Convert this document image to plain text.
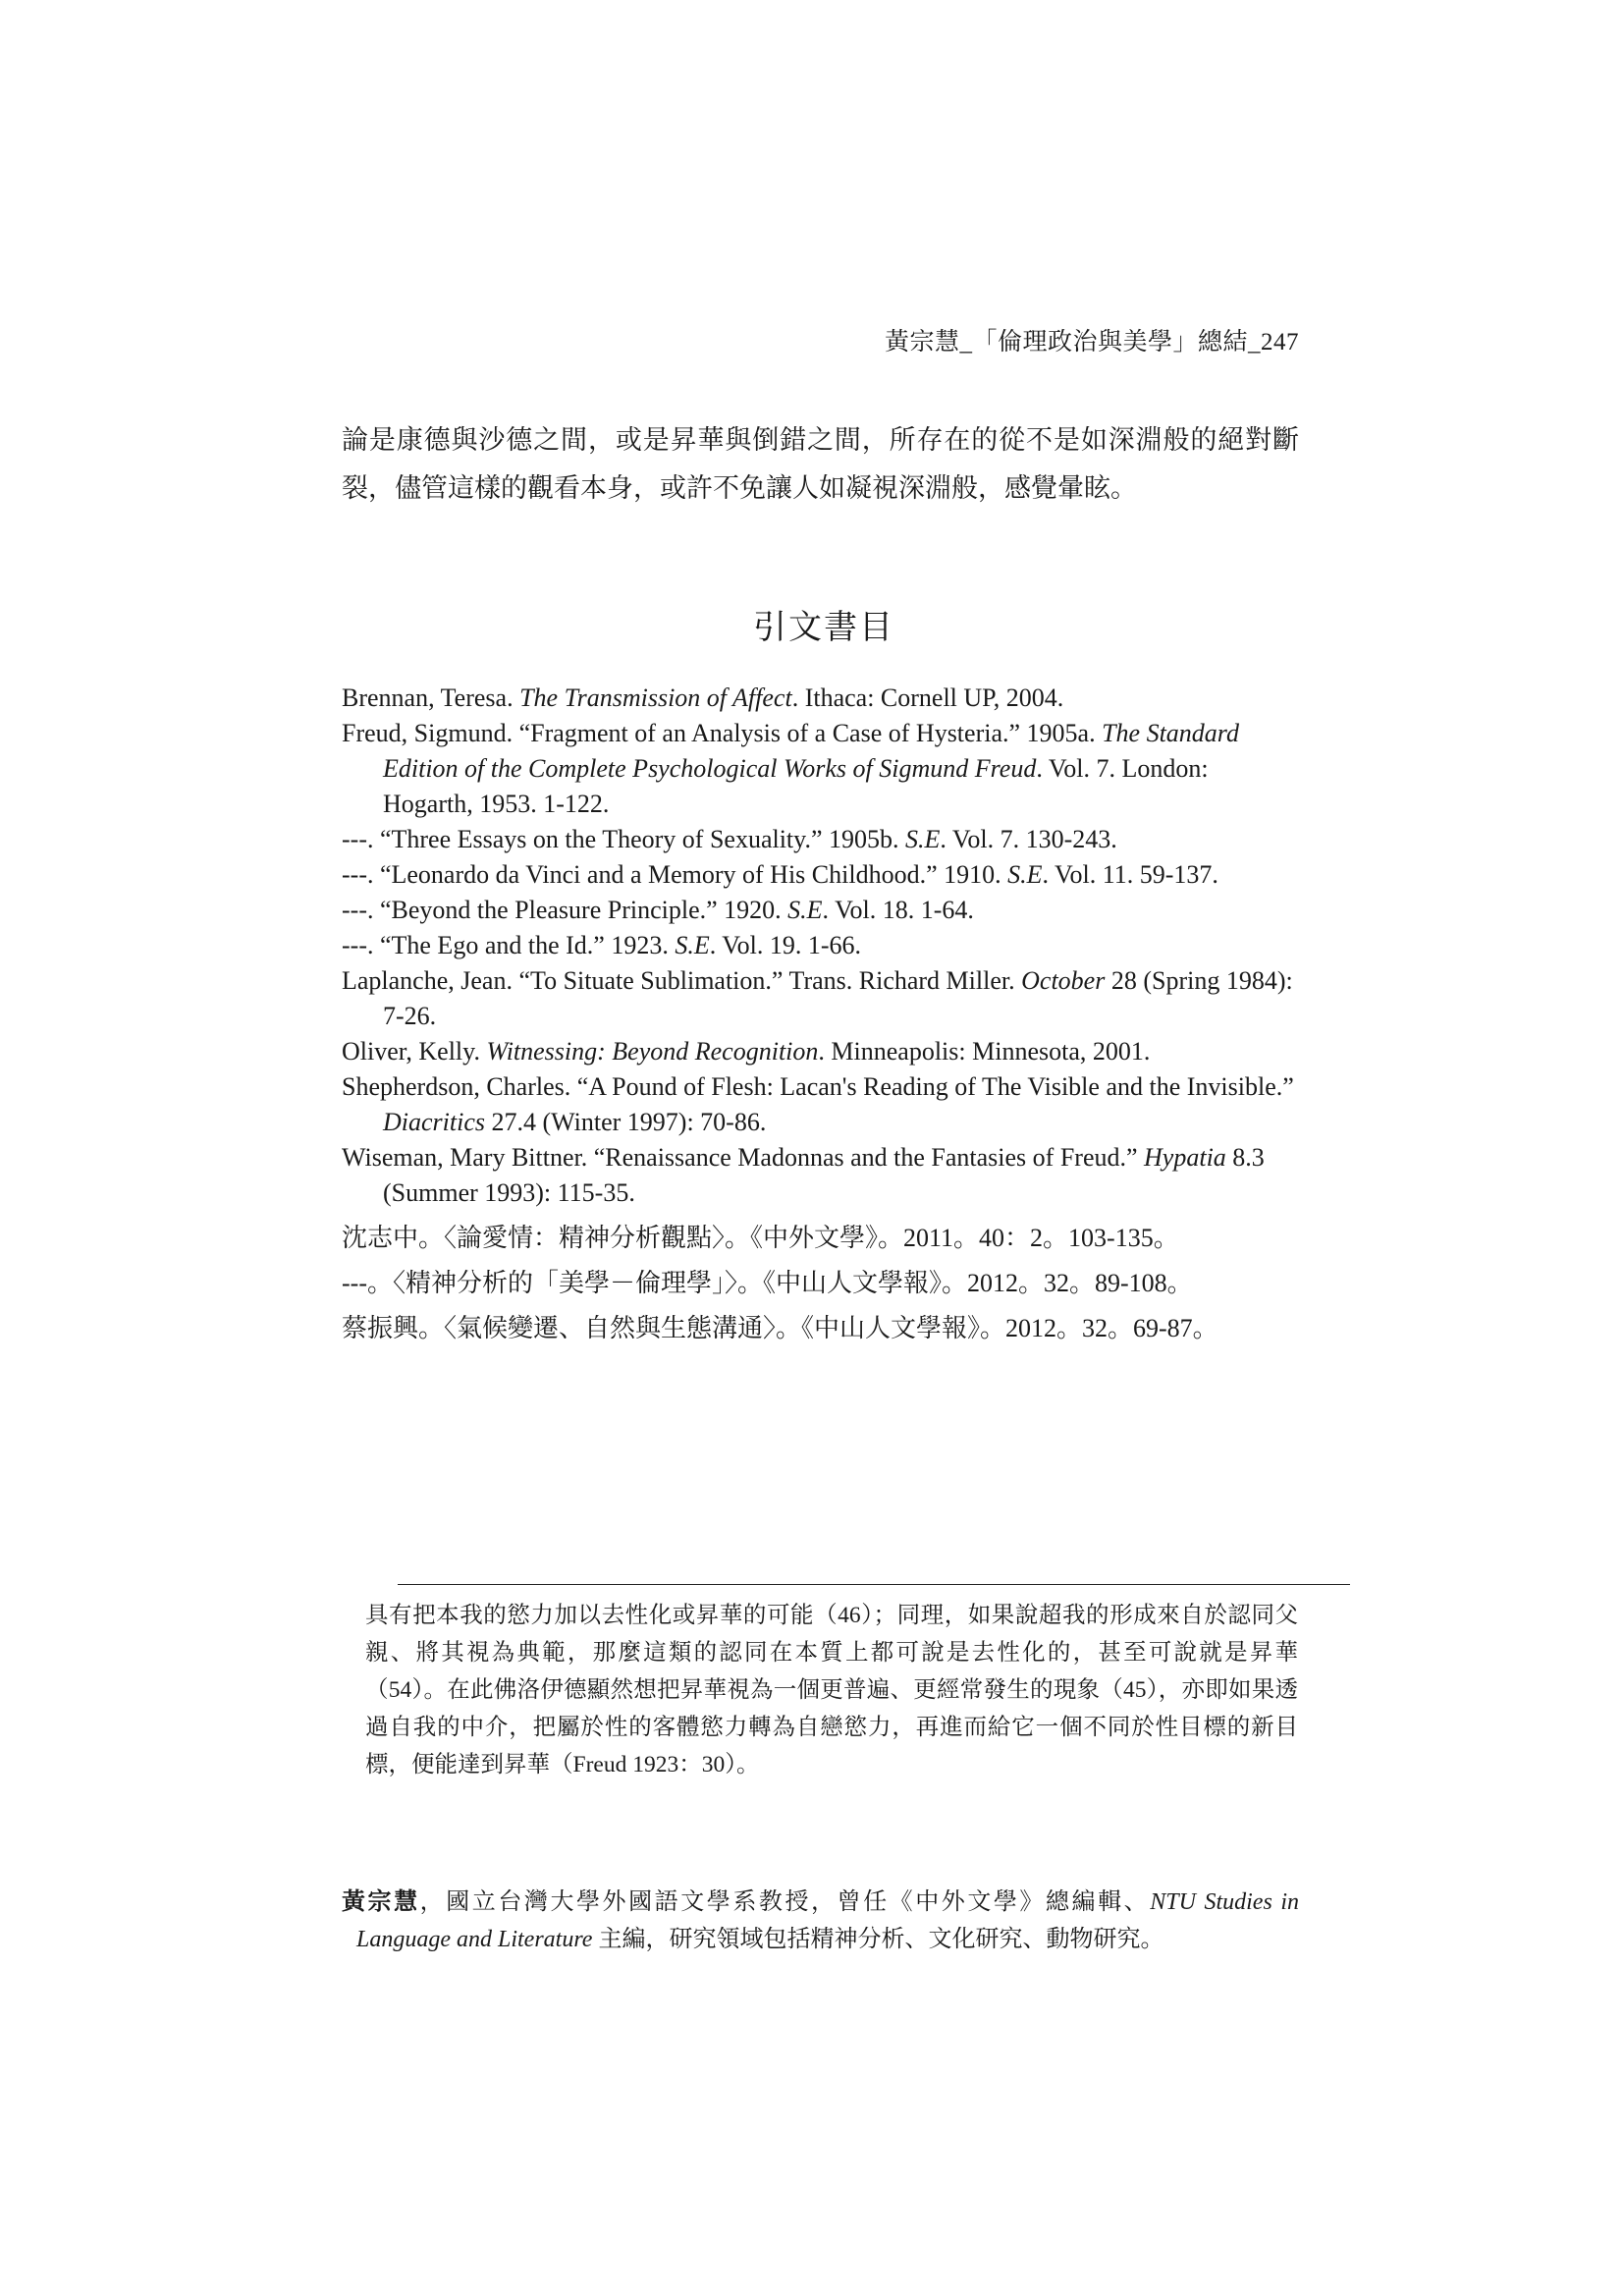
黃宗慧_「倫理政治與美學」總結_247

論是康德與沙德之間，或是昇華與倒錯之間，所存在的從不是如深淵般的絕對斷裂，儘管這樣的觀看本身，或許不免讓人如凝視深淵般，感覺暈眩。

引文書目

Brennan, Teresa. The Transmission of Affect. Ithaca: Cornell UP, 2004.

Freud, Sigmund. “Fragment of an Analysis of a Case of Hysteria.” 1905a. The Standard Edition of the Complete Psychological Works of Sigmund Freud. Vol. 7. London: Hogarth, 1953. 1-122.

---. “Three Essays on the Theory of Sexuality.” 1905b. S.E. Vol. 7. 130-243.

---. “Leonardo da Vinci and a Memory of His Childhood.” 1910. S.E. Vol. 11. 59-137.

---. “Beyond the Pleasure Principle.” 1920. S.E. Vol. 18. 1-64.

---. “The Ego and the Id.” 1923. S.E. Vol. 19. 1-66.

Laplanche, Jean. “To Situate Sublimation.” Trans. Richard Miller. October 28 (Spring 1984): 7-26.

Oliver, Kelly. Witnessing: Beyond Recognition. Minneapolis: Minnesota, 2001.

Shepherdson, Charles. “A Pound of Flesh: Lacan's Reading of The Visible and the Invisible.” Diacritics 27.4 (Winter 1997): 70-86.

Wiseman, Mary Bittner. “Renaissance Madonnas and the Fantasies of Freud.” Hypatia 8.3 (Summer 1993): 115-35.

沈志中。〈論愛情：精神分析觀點〉。《中外文學》。2011。40：2。103-135。

---。〈精神分析的「美學－倫理學」〉。《中山人文學報》。2012。32。89-108。

蔡振興。〈氣候變遷、自然與生態溝通〉。《中山人文學報》。2012。32。69-87。

具有把本我的慾力加以去性化或昇華的可能（46）；同理，如果說超我的形成來自於認同父親、將其視為典範，那麼這類的認同在本質上都可說是去性化的，甚至可說就是昇華（54）。在此佛洛伊德顯然想把昇華視為一個更普遍、更經常發生的現象（45），亦即如果透過自我的中介，把屬於性的客體慾力轉為自戀慾力，再進而給它一個不同於性目標的新目標，便能達到昇華（Freud 1923：30）。

黃宗慧，國立台灣大學外國語文學系教授，曾任《中外文學》總編輯、NTU Studies in Language and Literature 主編，研究領域包括精神分析、文化研究、動物研究。
